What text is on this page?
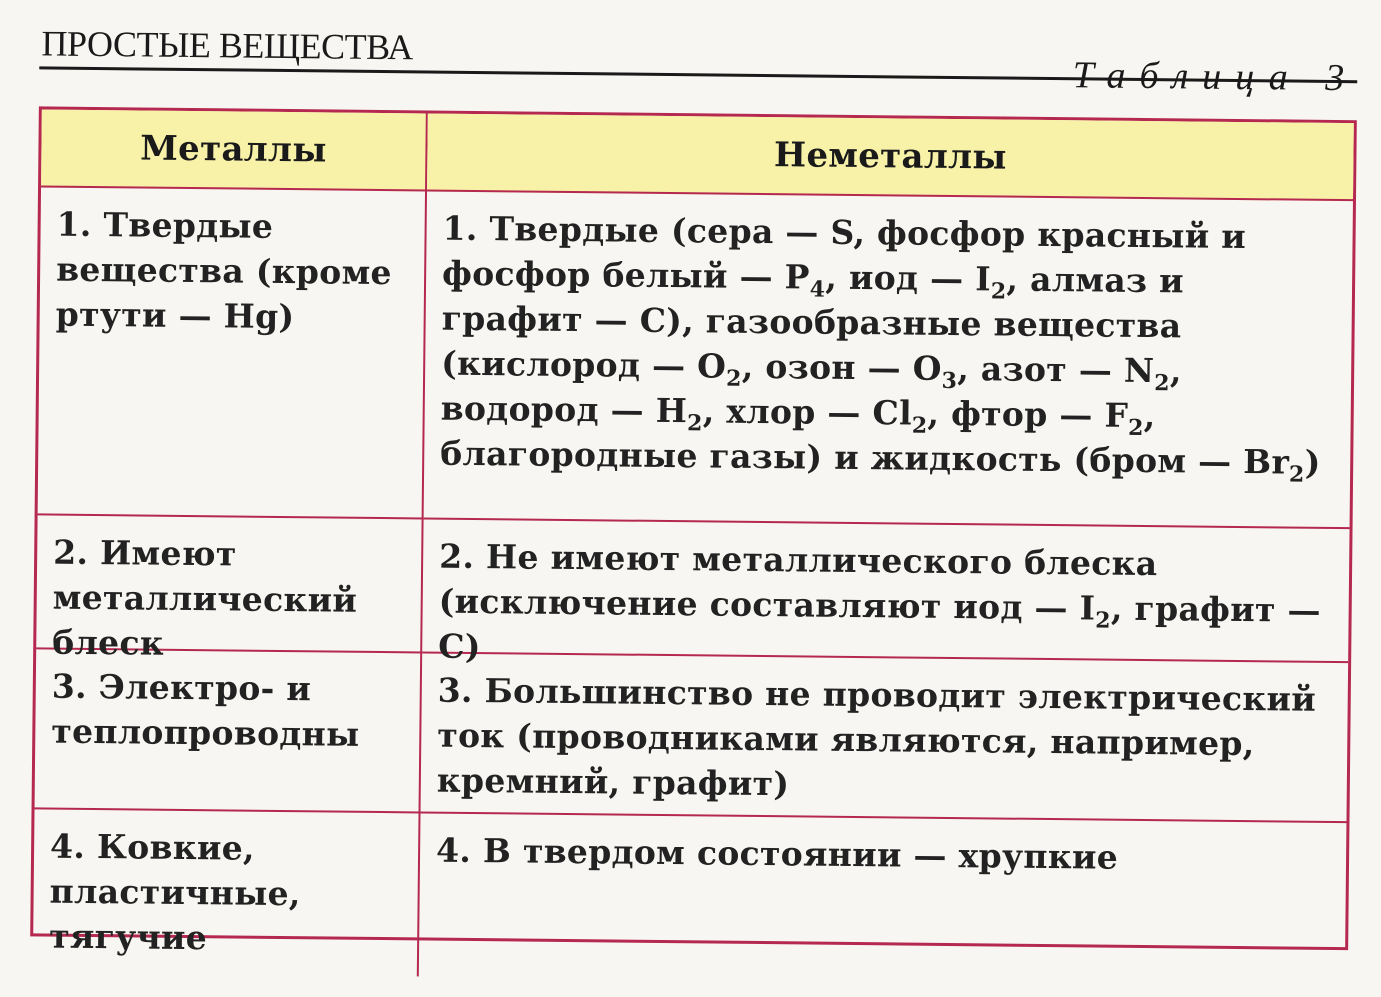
ПРОСТЫЕ ВЕЩЕСТВА
Таблица 3
Металлы	Неметаллы
1. Твердые вещества (кроме ртути — Hg)
1. Твердые (сера — S, фосфор красный и фосфор белый — $P_4$, иод — $I_2$, алмаз и графит — C), газообразные вещества (кислород — $O_2$, озон — $O_3$, азот — $N_2$, водород — $H_2$, хлор — $Cl_2$, фтор — $F_2$, благородные газы) и жидкость (бром — $Br_2$)
2. Имеют металлический блеск
2. Не имеют металлического блеска (исключение составляют иод — $I_2$, графит — C)
3. Электро- и теплопроводны
3. Большинство не проводит электрический ток (проводниками являются, например, кремний, графит)
4. Ковкие, пластичные, тягучие
4. В твердом состоянии — хрупкие
